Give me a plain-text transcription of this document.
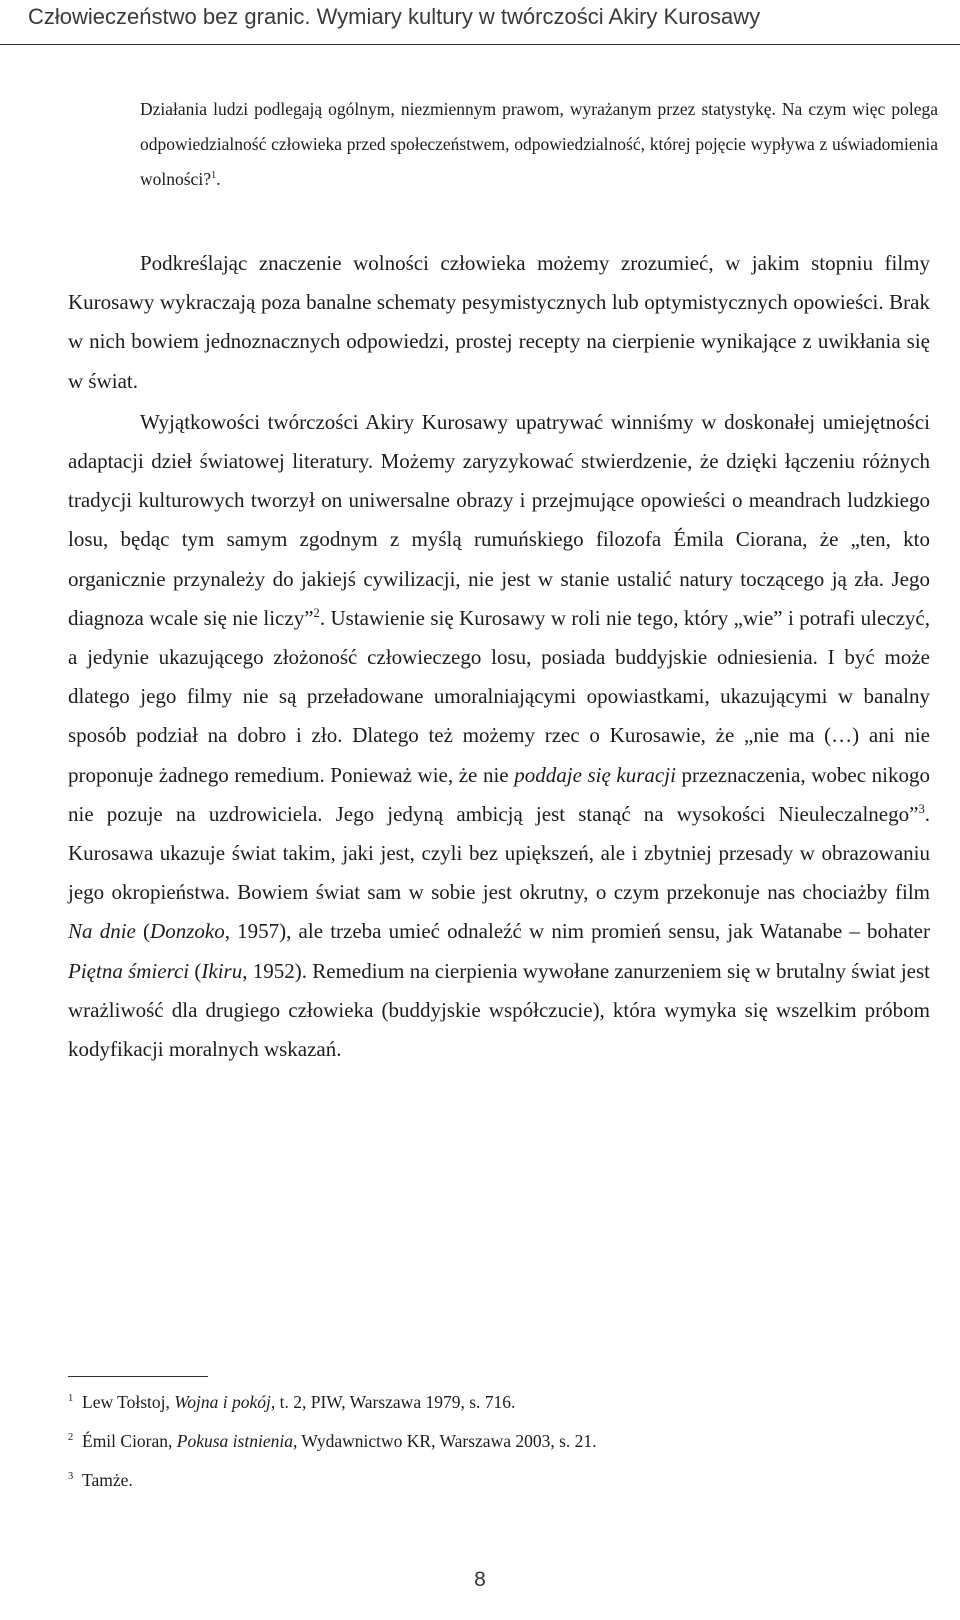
Człowieczeństwo bez granic. Wymiary kultury w twórczości Akiry Kurosawy

Działania ludzi podlegają ogólnym, niezmiennym prawom, wyrażanym przez statystykę. Na czym więc polega odpowiedzialność człowieka przed społeczeństwem, odpowiedzialność, której pojęcie wypływa z uświadomienia wolności?$^1$.

Podkreślając znaczenie wolności człowieka możemy zrozumieć, w jakim stopniu filmy Kurosawy wykraczają poza banalne schematy pesymistycznych lub optymistycznych opowieści. Brak w nich bowiem jednoznacznych odpowiedzi, prostej recepty na cierpienie wynikające z uwikłania się w świat.

Wyjątkowości twórczości Akiry Kurosawy upatrywać winniśmy w doskonałej umiejętności adaptacji dzieł światowej literatury. Możemy zaryzykować stwierdzenie, że dzięki łączeniu różnych tradycji kulturowych tworzył on uniwersalne obrazy i przejmujące opowieści o meandrach ludzkiego losu, będąc tym samym zgodnym z myślą rumuńskiego filozofa Émila Ciorana, że „ten, kto organicznie przynależy do jakiejś cywilizacji, nie jest w stanie ustalić natury toczącego ją zła. Jego diagnoza wcale się nie liczy”$^2$. Ustawienie się Kurosawy w roli nie tego, który „wie” i potrafi uleczyć, a jedynie ukazującego złożoność człowieczego losu, posiada buddyjskie odniesienia. I być może dlatego jego filmy nie są przeładowane umoralniającymi opowiastkami, ukazującymi w banalny sposób podział na dobro i zło. Dlatego też możemy rzec o Kurosawie, że „nie ma (…) ani nie proponuje żadnego remedium. Ponieważ wie, że nie poddaje się kuracji przeznaczenia, wobec nikogo nie pozuje na uzdrowiciela. Jego jedyną ambicją jest stanąć na wysokości Nieuleczalnego”$^3$. Kurosawa ukazuje świat takim, jaki jest, czyli bez upiększeń, ale i zbytniej przesady w obrazowaniu jego okropieństwa. Bowiem świat sam w sobie jest okrutny, o czym przekonuje nas chociażby film Na dnie (Donzoko, 1957), ale trzeba umieć odnaleźć w nim promień sensu, jak Watanabe – bohater Piętna śmierci (Ikiru, 1952). Remedium na cierpienia wywołane zanurzeniem się w brutalny świat jest wrażliwość dla drugiego człowieka (buddyjskie współczucie), która wymyka się wszelkim próbom kodyfikacji moralnych wskazań.

$^1$ Lew Tołstoj, Wojna i pokój, t. 2, PIW, Warszawa 1979, s. 716.

$^2$ Émil Cioran, Pokusa istnienia, Wydawnictwo KR, Warszawa 2003, s. 21.

$^3$ Tamże.

8
